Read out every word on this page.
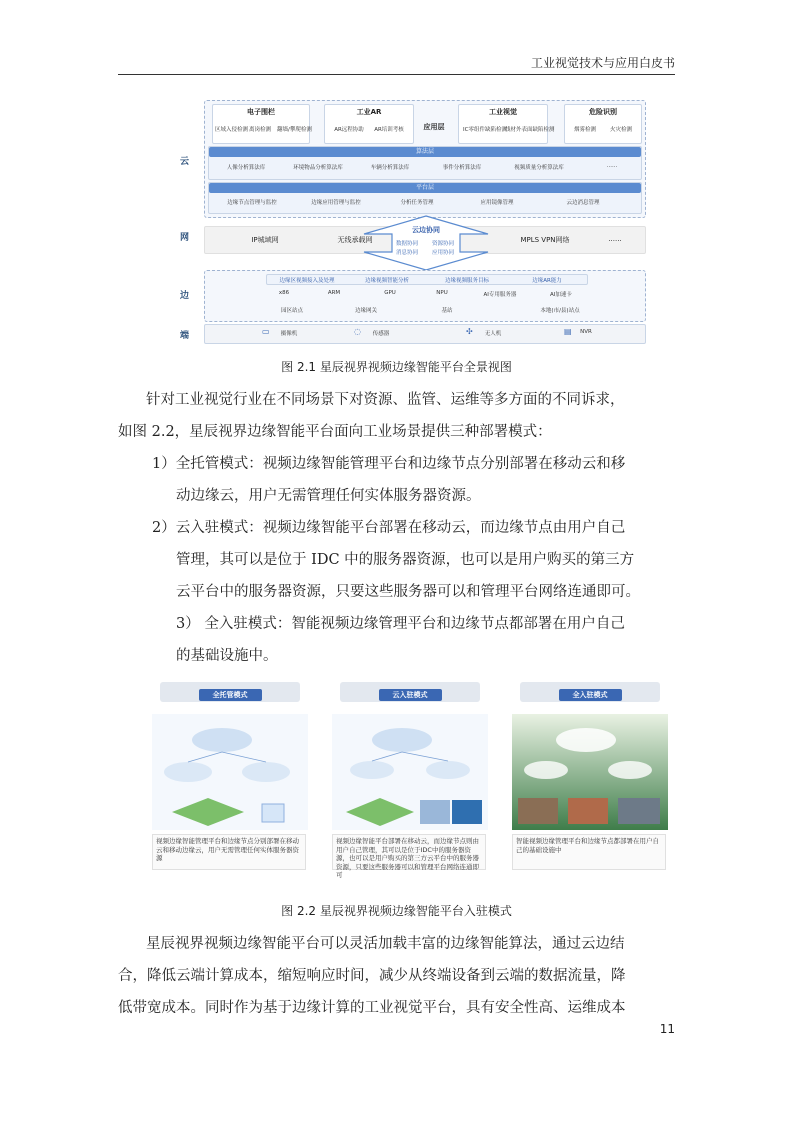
工业视觉技术与应用白皮书
云
网
边
端
电子围栏
区域入侵检测 离岗检测	翻墙/攀爬检测
工业AR
AR远程协助	AR培训考核	应用层
工业视觉
IC零组件缺陷检测
线材外表面缺陷检测
危险识别
烟雾检测	火灾检测
算法层
人像分析算法库	环境物品分析算法库	车辆分析算法库	事件分析算法库	视频质量分析算法库	......
平台层
边缘节点管理与监控	边缘应用管理与监控	分析任务管理	应用镜像管理	云边消息管理
IP城域网	无线承载网	MPLS VPN网络	......
云边协同
数据协同	资源协同
消息协同	应用协同
边缘区视频接入及处理	边缘视频智能分析	边缘视频服务目标	边缘AR能力
x86	ARM	GPU	NPU	AI专用服务器	AI加速卡
园区站点	边缘网关	基站	本地(市/县)站点
▭	摄像机	◌	传感器	✣	无人机	▤	NVR
图 2.1 星辰视界视频边缘智能平台全景视图
针对工业视觉行业在不同场景下对资源、监管、运维等多方面的不同诉求，
如图 2.2，星辰视界边缘智能平台面向工业场景提供三种部署模式：
1）全托管模式：视频边缘智能管理平台和边缘节点分别部署在移动云和移
动边缘云，用户无需管理任何实体服务器资源。
2）云入驻模式：视频边缘智能平台部署在移动云，而边缘节点由用户自己
管理，其可以是位于 IDC 中的服务器资源，也可以是用户购买的第三方
云平台中的服务器资源，只要这些服务器可以和管理平台网络连通即可。
3） 全入驻模式：智能视频边缘管理平台和边缘节点都部署在用户自己
的基础设施中。
全托管模式
视频边缘智能管理平台和边缘节点分别部署在移动云和移动边缘云，用户无需管理任何实体服务器资源
云入驻模式
视频边缘智能平台部署在移动云，而边缘节点则由用户自己管理，其可以是位于IDC中的服务器资源，也可以是用户购买的第三方云平台中的服务器资源，只要这些服务器可以和管理平台网络连通即可
全入驻模式
智能视频边缘管理平台和边缘节点都部署在用户自己的基础设施中
图 2.2 星辰视界视频边缘智能平台入驻模式
星辰视界视频边缘智能平台可以灵活加载丰富的边缘智能算法，通过云边结
合，降低云端计算成本，缩短响应时间，减少从终端设备到云端的数据流量，降
低带宽成本。同时作为基于边缘计算的工业视觉平台，具有安全性高、运维成本
11
